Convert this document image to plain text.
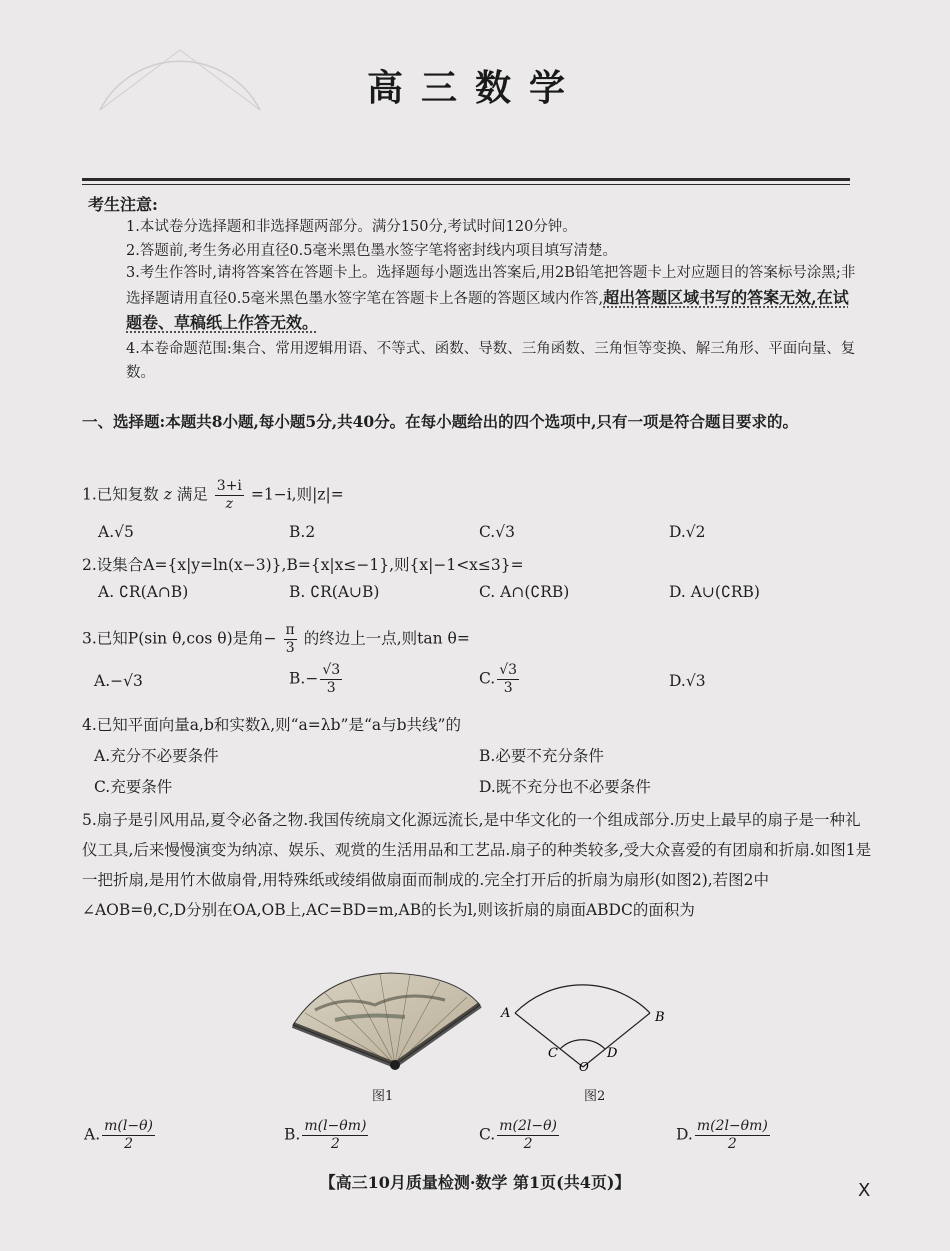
高三数学
考生注意:
1.本试卷分选择题和非选择题两部分。满分150分,考试时间120分钟。
2.答题前,考生务必用直径0.5毫米黑色墨水签字笔将密封线内项目填写清楚。
3.考生作答时,请将答案答在答题卡上。选择题每小题选出答案后,用2B铅笔把答题卡上对应题目的答案标号涂黑;非选择题请用直径0.5毫米黑色墨水签字笔在答题卡上各题的答题区域内作答,超出答题区域书写的答案无效,在试题卷、草稿纸上作答无效。
4.本卷命题范围:集合、常用逻辑用语、不等式、函数、导数、三角函数、三角恒等变换、解三角形、平面向量、复数。
一、选择题:本题共8小题,每小题5分,共40分。在每小题给出的四个选项中,只有一项是符合题目要求的。
1.已知复数 z 满足 $\frac{3+i}{z} =1-i$,则|z|=
A.√5	B.2	C.√3	D.√2
2.设集合A={x|y=ln(x−3)},B={x|x≤−1},则{x|−1<x≤3}=
A. ∁R(A∩B)	B. ∁R(A∪B)	C. A∩(∁RB)	D. A∪(∁RB)
3.已知P(sin θ,cos θ)是角− $\frac{\pi}{3}$ 的终边上一点,则tan θ=
A.−√3	$B.- \frac{√3}{3}$	C. $\frac{√3}{3}$	D.√3
4.已知平面向量a,b和实数λ,则“a=λb”是“a与b共线”的
A.充分不必要条件	B.必要不充分条件
C.充要条件	D.既不充分也不必要条件
5.扇子是引风用品,夏令必备之物.我国传统扇文化源远流长,是中华文化的一个组成部分.历史上最早的扇子是一种礼仪工具,后来慢慢演变为纳凉、娱乐、观赏的生活用品和工艺品.扇子的种类较多,受大众喜爱的有团扇和折扇.如图1是一把折扇,是用竹木做扇骨,用特殊纸或绫绢做扇面而制成的.完全打开后的折扇为扇形(如图2),若图2中∠AOB=θ,C,D分别在OA,OB上,AC=BD=m,AB的长为l,则该折扇的扇面ABDC的面积为
A	B
C	D
O
图1	图2
A. $\frac{m(l-\theta)}{2}$	B. $\frac{m(l-\theta m)}{2}$	C. $\frac{m(2l-\theta)}{2}$	D. $\frac{m(2l-\theta m)}{2}$
【高三10月质量检测·数学 第1页(共4页)】	X
